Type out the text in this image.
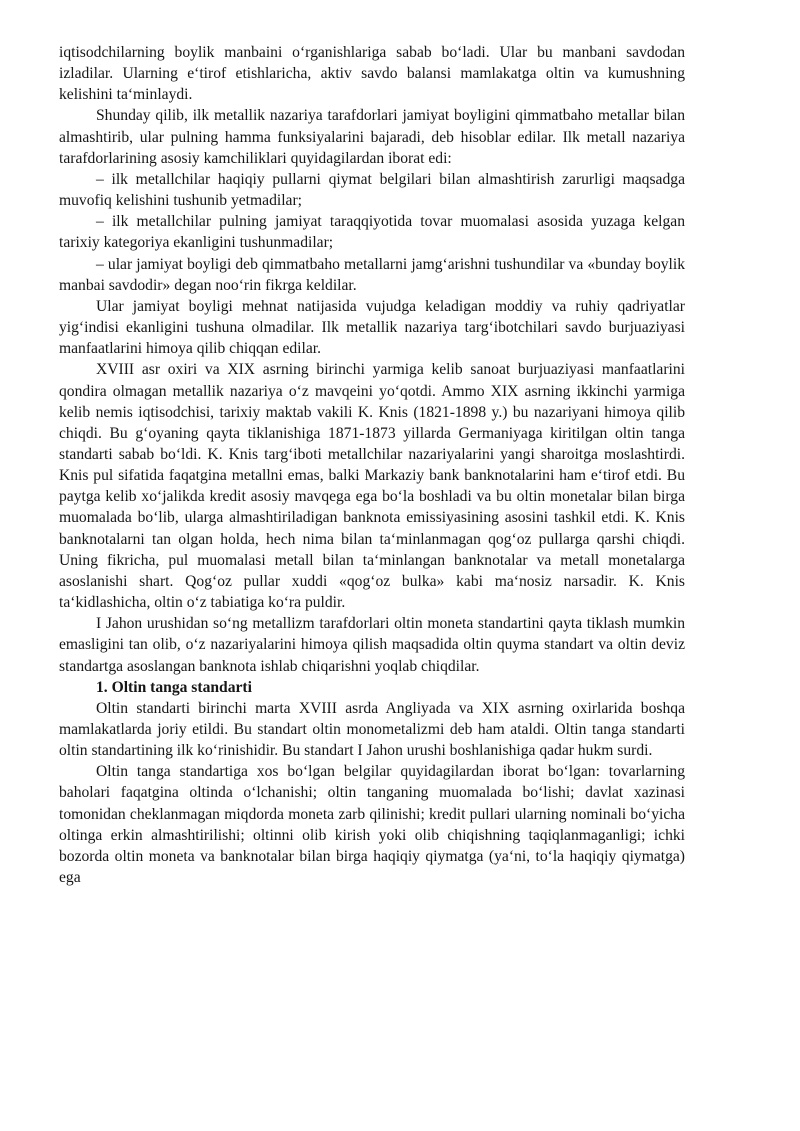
iqtisodchilarning boylik manbaini o‘rganishlariga sabab bo‘ladi. Ular bu manbani savdodan izladilar. Ularning e‘tirof etishlaricha, aktiv savdo balansi mamlakatga oltin va kumushning kelishini ta‘minlaydi.

Shunday qilib, ilk metallik nazariya tarafdorlari jamiyat boyligini qimmatbaho metallar bilan almashtirib, ular pulning hamma funksiyalarini bajaradi, deb hisoblar edilar. Ilk metall nazariya tarafdorlarining asosiy kamchiliklari quyidagilardan iborat edi:

– ilk metallchilar haqiqiy pullarni qiymat belgilari bilan almashtirish zarurligi maqsadga muvofiq kelishini tushunib yetmadilar;

– ilk metallchilar pulning jamiyat taraqqiyotida tovar muomalasi asosida yuzaga kelgan tarixiy kategoriya ekanligini tushunmadilar;

– ular jamiyat boyligi deb qimmatbaho metallarni jamg‘arishni tushundilar va «bunday boylik manbai savdodir» degan noo‘rin fikrga keldilar.

Ular jamiyat boyligi mehnat natijasida vujudga keladigan moddiy va ruhiy qadriyatlar yig‘indisi ekanligini tushuna olmadilar. Ilk metallik nazariya targ‘ibotchilari savdo burjuaziyasi manfaatlarini himoya qilib chiqqan edilar.

XVIII asr oxiri va XIX asrning birinchi yarmiga kelib sanoat burjuaziyasi manfaatlarini qondira olmagan metallik nazariya o‘z mavqeini yo‘qotdi. Ammo XIX asrning ikkinchi yarmiga kelib nemis iqtisodchisi, tarixiy maktab vakili K. Knis (1821-1898 y.) bu nazariyani himoya qilib chiqdi. Bu g‘oyaning qayta tiklanishiga 1871-1873 yillarda Germaniyaga kiritilgan oltin tanga standarti sabab bo‘ldi. K. Knis targ‘iboti metallchilar nazariyalarini yangi sharoitga moslashtirdi. Knis pul sifatida faqatgina metallni emas, balki Markaziy bank banknotalarini ham e‘tirof etdi. Bu paytga kelib xo‘jalikda kredit asosiy mavqega ega bo‘la boshladi va bu oltin monetalar bilan birga muomalada bo‘lib, ularga almashtiriladigan banknota emissiyasining asosini tashkil etdi. K. Knis banknotalarni tan olgan holda, hech nima bilan ta‘minlanmagan qog‘oz pullarga qarshi chiqdi. Uning fikricha, pul muomalasi metall bilan ta‘minlangan banknotalar va metall monetalarga asoslanishi shart. Qog‘oz pullar xuddi «qog‘oz bulka» kabi ma‘nosiz narsadir. K. Knis ta‘kidlashicha, oltin o‘z tabiatiga ko‘ra puldir.

I Jahon urushidan so‘ng metallizm tarafdorlari oltin moneta standartini qayta tiklash mumkin emasligini tan olib, o‘z nazariyalarini himoya qilish maqsadida oltin quyma standart va oltin deviz standartga asoslangan banknota ishlab chiqarishni yoqlab chiqdilar.

1. Oltin tanga standarti

Oltin standarti birinchi marta XVIII asrda Angliyada va XIX asrning oxirlarida boshqa mamlakatlarda joriy etildi. Bu standart oltin monometalizmi deb ham ataldi. Oltin tanga standarti oltin standartining ilk ko‘rinishidir. Bu standart I Jahon urushi boshlanishiga qadar hukm surdi.

Oltin tanga standartiga xos bo‘lgan belgilar quyidagilardan iborat bo‘lgan: tovarlarning baholari faqatgina oltinda o‘lchanishi; oltin tanganing muomalada bo‘lishi; davlat xazinasi tomonidan cheklanmagan miqdorda moneta zarb qilinishi; kredit pullari ularning nominali bo‘yicha oltinga erkin almashtirilishi; oltinni olib kirish yoki olib chiqishning taqiqlanmaganligi; ichki bozorda oltin moneta va banknotalar bilan birga haqiqiy qiymatga (ya‘ni, to‘la haqiqiy qiymatga) ega
